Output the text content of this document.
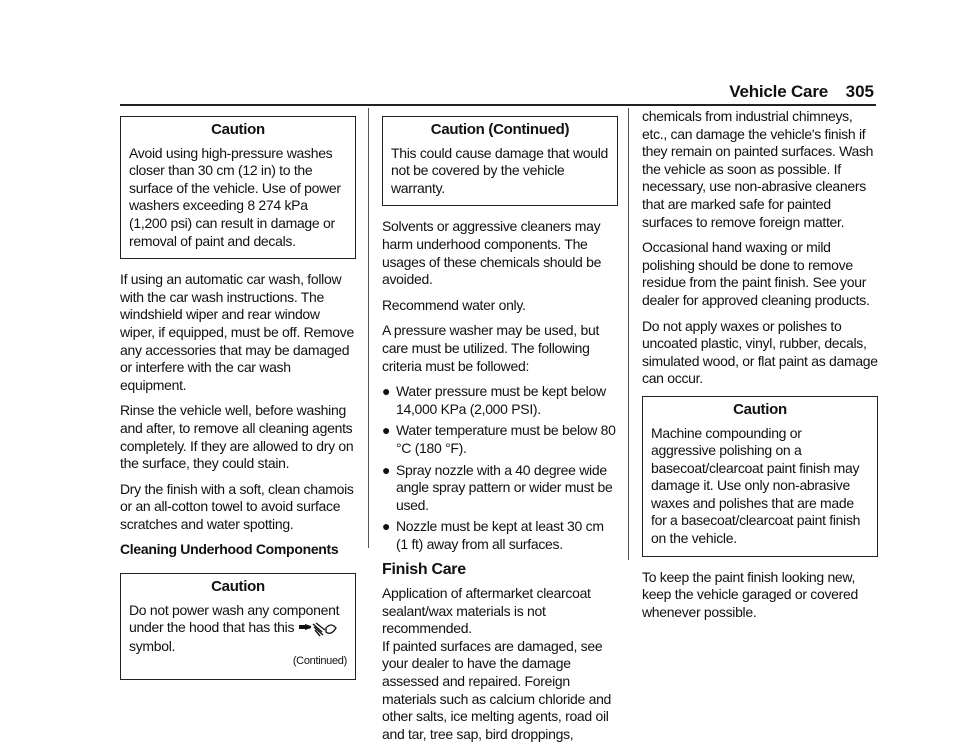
Vehicle Care 305
Caution

Avoid using high-pressure washes closer than 30 cm (12 in) to the surface of the vehicle. Use of power washers exceeding 8 274 kPa (1,200 psi) can result in damage or removal of paint and decals.

If using an automatic car wash, follow with the car wash instructions. The windshield wiper and rear window wiper, if equipped, must be off. Remove any accessories that may be damaged or interfere with the car wash equipment.

Rinse the vehicle well, before washing and after, to remove all cleaning agents completely. If they are allowed to dry on the surface, they could stain.

Dry the finish with a soft, clean chamois or an all-cotton towel to avoid surface scratches and water spotting.

Cleaning Underhood Components

Caution

Do not power wash any component under the hood that has this  symbol.

(Continued)
Caution (Continued)

This could cause damage that would not be covered by the vehicle warranty.

Solvents or aggressive cleaners may harm underhood components. The usages of these chemicals should be avoided.

Recommend water only.

A pressure washer may be used, but care must be utilized. The following criteria must be followed:

● Water pressure must be kept below 14,000 KPa (2,000 PSI).
● Water temperature must be below 80 °C (180 °F).
● Spray nozzle with a 40 degree wide angle spray pattern or wider must be used.
● Nozzle must be kept at least 30 cm (1 ft) away from all surfaces.
Finish Care

Application of aftermarket clearcoat sealant/wax materials is not recommended.

If painted surfaces are damaged, see your dealer to have the damage assessed and repaired. Foreign materials such as calcium chloride and other salts, ice melting agents, road oil and tar, tree sap, bird droppings,

chemicals from industrial chimneys, etc., can damage the vehicle's finish if they remain on painted surfaces. Wash the vehicle as soon as possible. If necessary, use non-abrasive cleaners that are marked safe for painted surfaces to remove foreign matter.

Occasional hand waxing or mild polishing should be done to remove residue from the paint finish. See your dealer for approved cleaning products.

Do not apply waxes or polishes to uncoated plastic, vinyl, rubber, decals, simulated wood, or flat paint as damage can occur.

Caution

Machine compounding or aggressive polishing on a basecoat/clearcoat paint finish may damage it. Use only non-abrasive waxes and polishes that are made for a basecoat/clearcoat paint finish on the vehicle.

To keep the paint finish looking new, keep the vehicle garaged or covered whenever possible.
